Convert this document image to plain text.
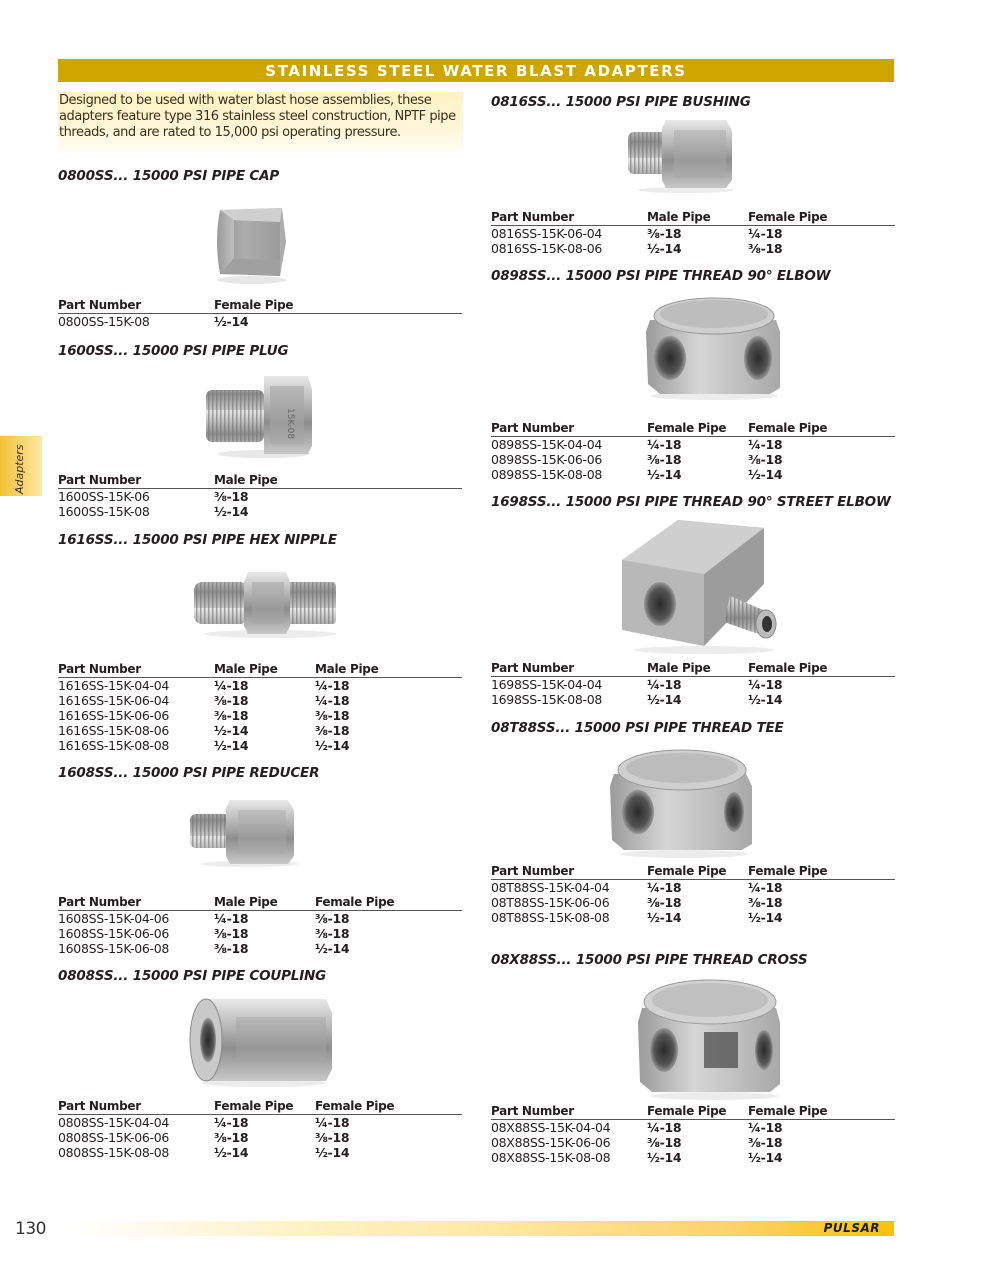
STAINLESS STEEL WATER BLAST ADAPTERS
Designed to be used with water blast hose assemblies, these adapters feature type 316 stainless steel construction, NPTF pipe threads, and are rated to 15,000 psi operating pressure.
Adapters
0800SS... 15000 PSI PIPE CAP
Part Number	Female Pipe
0800SS-15K-08	½-14
1600SS... 15000 PSI PIPE PLUG
15K-08
Part Number	Male Pipe
1600SS-15K-06	⅜-18
1600SS-15K-08	½-14
1616SS... 15000 PSI PIPE HEX NIPPLE
Part Number	Male Pipe	Male Pipe
1616SS-15K-04-04	¼-18	¼-18
1616SS-15K-06-04	⅜-18	¼-18
1616SS-15K-06-06	⅜-18	⅜-18
1616SS-15K-08-06	½-14	⅜-18
1616SS-15K-08-08	½-14	½-14
1608SS... 15000 PSI PIPE REDUCER
Part Number	Male Pipe	Female Pipe
1608SS-15K-04-06	¼-18	⅜-18
1608SS-15K-06-06	⅜-18	⅜-18
1608SS-15K-06-08	⅜-18	½-14
0808SS... 15000 PSI PIPE COUPLING
Part Number	Female Pipe	Female Pipe
0808SS-15K-04-04	¼-18	¼-18
0808SS-15K-06-06	⅜-18	⅜-18
0808SS-15K-08-08	½-14	½-14
0816SS... 15000 PSI PIPE BUSHING
Part Number	Male Pipe	Female Pipe
0816SS-15K-06-04	⅜-18	¼-18
0816SS-15K-08-06	½-14	⅜-18
0898SS... 15000 PSI PIPE THREAD 90° ELBOW
Part Number	Female Pipe	Female Pipe
0898SS-15K-04-04	¼-18	¼-18
0898SS-15K-06-06	⅜-18	⅜-18
0898SS-15K-08-08	½-14	½-14
1698SS... 15000 PSI PIPE THREAD 90° STREET ELBOW
Part Number	Male Pipe	Female Pipe
1698SS-15K-04-04	¼-18	¼-18
1698SS-15K-08-08	½-14	½-14
08T88SS... 15000 PSI PIPE THREAD TEE
Part Number	Female Pipe	Female Pipe
08T88SS-15K-04-04	¼-18	¼-18
08T88SS-15K-06-06	⅜-18	⅜-18
08T88SS-15K-08-08	½-14	½-14
08X88SS... 15000 PSI PIPE THREAD CROSS
Part Number	Female Pipe	Female Pipe
08X88SS-15K-04-04	¼-18	¼-18
08X88SS-15K-06-06	⅜-18	⅜-18
08X88SS-15K-08-08	½-14	½-14
130	PULSAR
